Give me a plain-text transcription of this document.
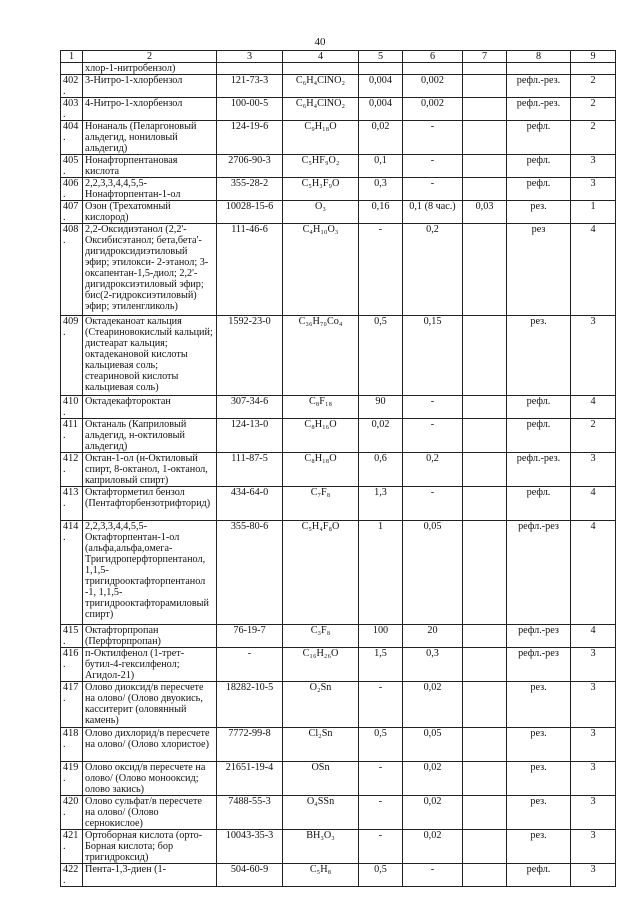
40
1	2	3	4	5	6	7	8	9
	хлор-1-нитробензол)							
402.	3-Нитро-1-хлорбензол	121-73-3	C₆H₄ClNO₂	0,004	0,002		рефл.-рез.	2
403.	4-Нитро-1-хлорбензол	100-00-5	C₆H₄ClNO₂	0,004	0,002		рефл.-рез.	2
404.	Нонаналь (Пеларгоновый альдегид, нониловый альдегид)	124-19-6	C₉H₁₈O	0,02	-		рефл.	2
405.	Нонафторпентановая кислота	2706-90-3	C₅HF₉O₂	0,1	-		рефл.	3
406.	2,2,3,3,4,4,5,5-Нонафторпентан-1-ол	355-28-2	C₅H₃F₉O	0,3	-		рефл.	3
407.	Озон (Трехатомный кислород)	10028-15-6	O₃	0,16	0,1 (8 час.)	0,03	рез.	1
408.	2,2-Оксидиэтанол (2,2'-Оксибисэтанол; бета,бета'-дигидроксидиэтиловый эфир; этилокси- 2-этанол; 3-оксапентан-1,5-диол; 2,2'-дигидроксиэтиловый эфир; бис(2-гидроксиэтиловый) эфир; этиленгликоль)	111-46-6	C₄H₁₀O₃	-	0,2		рез	4
409.	Октадеканоат кальция (Стеариновокислый кальций; дистеарат кальция; октадекановой кислоты кальциевая соль; стеариновой кислоты кальциевая соль)	1592-23-0	C₃₆H₇₀Co₄	0,5	0,15		рез.	3
410.	Октадекафтороктан	307-34-6	C₈F₁₈	90	-		рефл.	4
411.	Октаналь (Каприловый альдегид, н-октиловый альдегид)	124-13-0	C₈H₁₆O	0,02	-		рефл.	2
412.	Октан-1-ол (н-Октиловый спирт, 8-октанол, 1-октанол, каприловый спирт)	111-87-5	C₈H₁₈O	0,6	0,2		рефл.-рез.	3
413.	Октафторметил бензол (Пентафторбензотрифторид)	434-64-0	C₇F₈	1,3	-		рефл.	4
414.	2,2,3,3,4,4,5,5-Октафторпентан-1-ол (альфа,альфа,омега-Тригидроперфторпентанол, 1,1,5-тригидрооктафторпентанол -1, 1,1,5-тригидрооктафторамиловый спирт)	355-80-6	C₅H₄F₈O	1	0,05		рефл.-рез	4
415.	Октафторпропан (Перфторпропан)	76-19-7	C₃F₈	100	20		рефл.-рез	4
416.	п-Октилфенол (1-трет-бутил-4-гексилфенол; Агидол-21)	-	C₁₆H₂₆O	1,5	0,3		рефл.-рез	3
417.	Олово диоксид/в пересчете на олово/ (Олово двуокись, касситерит (оловянный камень)	18282-10-5	O₂Sn	-	0,02		рез.	3
418.	Олово дихлорид/в пересчете на олово/ (Олово хлористое)	7772-99-8	Cl₂Sn	0,5	0,05		рез.	3
419.	Олово оксид/в пересчете на олово/ (Олово монооксид; олово закись)	21651-19-4	OSn	-	0,02		рез.	3
420.	Олово сульфат/в пересчете на олово/ (Олово сернокислое)	7488-55-3	O₄SSn	-	0,02		рез.	3
421.	Ортоборная кислота (орто-Борная кислота; бор тригидроксид)	10043-35-3	BH₃O₃	-	0,02		рез.	3
422.	Пента-1,3-диен (1-	504-60-9	C₅H₈	0,5	-		рефл.	3
